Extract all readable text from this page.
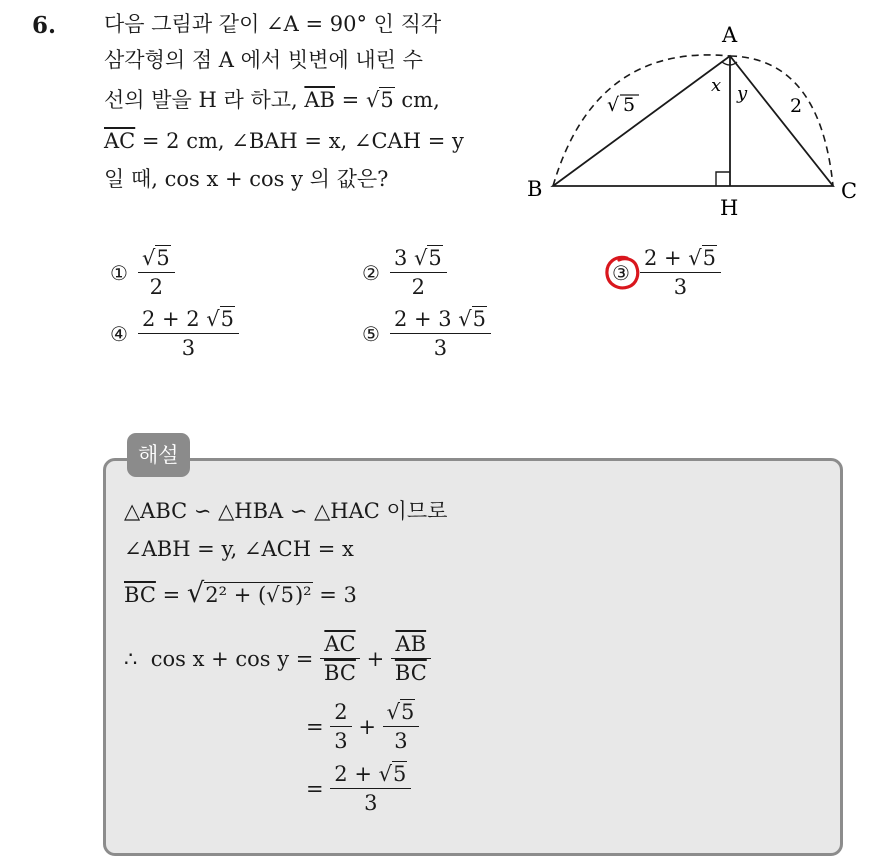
6. 다음 그림과 같이 ∠A = 90° 인 직각
삼각형의 점 A 에서 빗변에 내린 수
선의 발을 H 라 하고, $\overline{AB} = √5$ cm,
$\overline{AC} = 2$ cm, ∠BAH = x, ∠CAH = y
일 때, cos x + cos y 의 값은?
A
B	C
H
x y
√ 5	2
① $\frac{√5}{2}$	② $\frac{3 √5}{2}$	③ $\frac{2 + √5}{3}$
④ $\frac{2 + 2 √5}{3}$	⑤ $\frac{2 + 3 √5}{3}$
해설
△ABC ∽ △HBA ∽ △HAC 이므로
∠ABH = y, ∠ACH = x
$\overline{BC} = √2^2 + (√5)^2 = 3$
∴  $\cos x + \cos y = \frac{\overline{AC}}{BC} + \frac{\overline{AB}}{BC}$
= $\frac{2}{3} + \frac{√5}{3}$
= $\frac{2 + √5}{3}$
